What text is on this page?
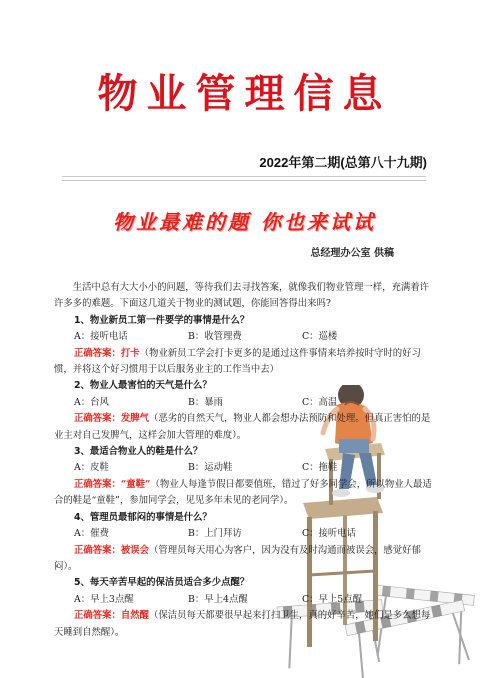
物业管理信息
2022年第二期(总第八十九期)
物业最难的题 你也来试试
总经理办公室 供稿

生活中总有大大小小的问题，等待我们去寻找答案，就像我们物业管理一样，充满着许许多多的难题。下面这几道关于物业的测试题，你能回答得出来吗?

1、物业新员工第一件要学的事情是什么？

A：接听电话	B：收管理费	C：巡楼

正确答案：打卡（物业新员工学会打卡更多的是通过这件事情来培养按时守时的好习惯，并将这个好习惯用于以后服务业主的工作当中去）

2、物业人最害怕的天气是什么？

A：台风	B：暴雨	C：高温

正确答案：发脾气（恶劣的自然天气，物业人都会想办法预防和处理。但真正害怕的是业主对自己发脾气，这样会加大管理的难度）。

3、最适合物业人的鞋是什么？

A：皮鞋	B：运动鞋	C：拖鞋

正确答案：“童鞋”（物业人每逢节假日都要值班，错过了好多同学会，所以物业人最适合的鞋是“童鞋”，参加同学会，见见多年未见的老同学）。

4、管理员最郁闷的事情是什么？

A：催费	B：上门拜访	C：接听电话

正确答案：被误会（管理员每天用心为客户，因为没有及时沟通而被误会，感觉好郁闷）。

5、每天辛苦早起的保洁员适合多少点醒？

A：早上3点醒	B：早上4点醒	C：早上5点醒

正确答案：自然醒（保洁员每天都要很早起来打扫卫生，真的好辛苦，她们是多么想每天睡到自然醒）。
